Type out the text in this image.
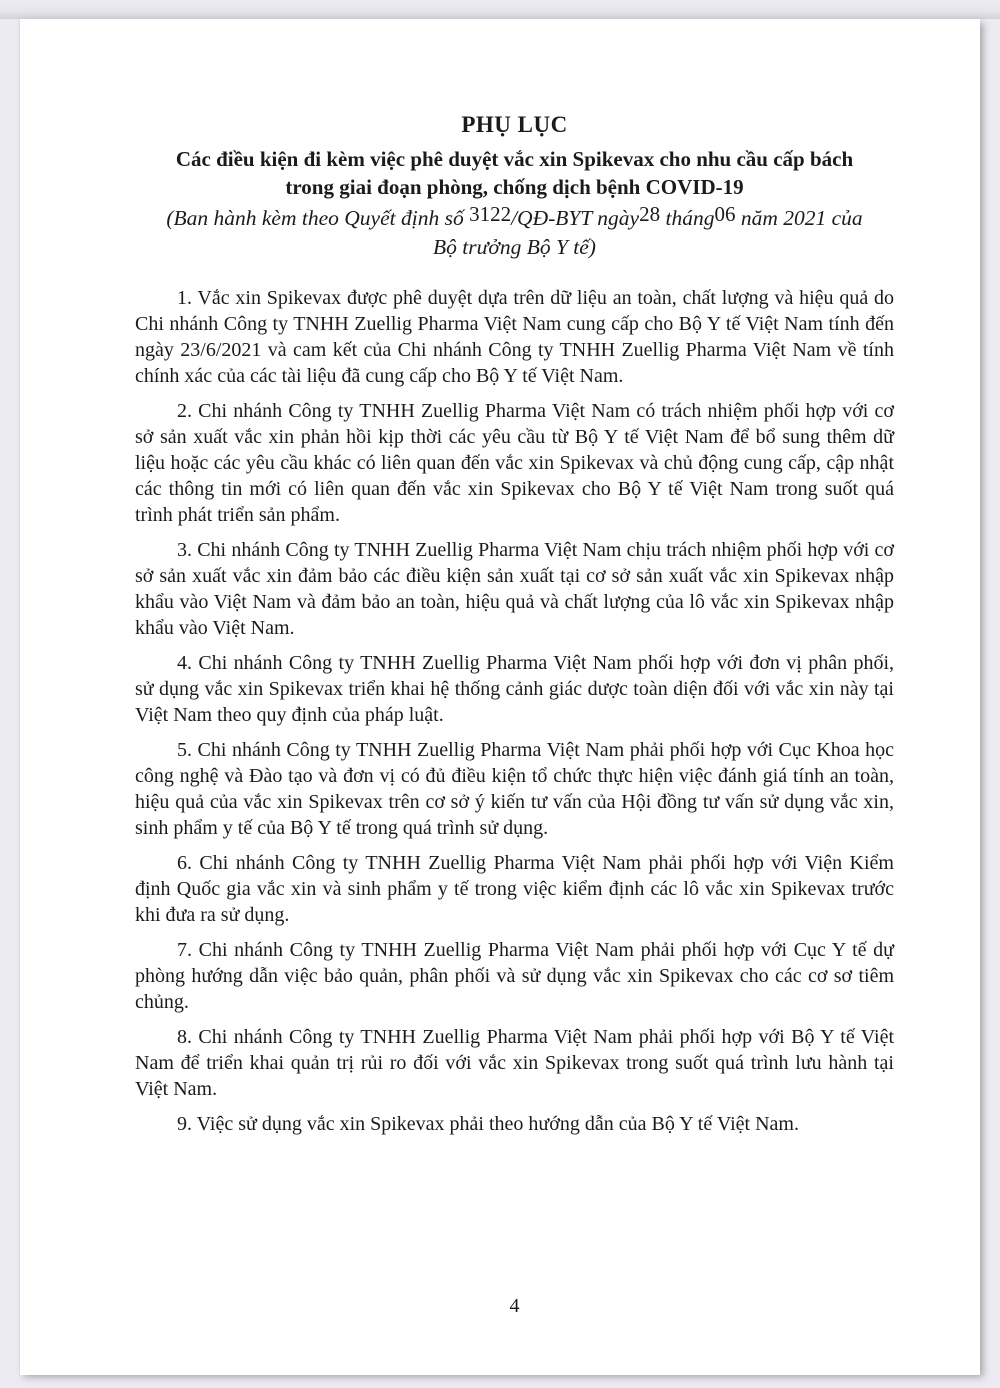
PHỤ LỤC
Các điều kiện đi kèm việc phê duyệt vắc xin Spikevax cho nhu cầu cấp bách
trong giai đoạn phòng, chống dịch bệnh COVID-19
(Ban hành kèm theo Quyết định số 3122/QĐ-BYT ngày28 tháng06 năm 2021 của
Bộ trưởng Bộ Y tế)

1. Vắc xin Spikevax được phê duyệt dựa trên dữ liệu an toàn, chất lượng và hiệu quả do Chi nhánh Công ty TNHH Zuellig Pharma Việt Nam cung cấp cho Bộ Y tế Việt Nam tính đến ngày 23/6/2021 và cam kết của Chi nhánh Công ty TNHH Zuellig Pharma Việt Nam về tính chính xác của các tài liệu đã cung cấp cho Bộ Y tế Việt Nam.

2. Chi nhánh Công ty TNHH Zuellig Pharma Việt Nam có trách nhiệm phối hợp với cơ sở sản xuất vắc xin phản hồi kịp thời các yêu cầu từ Bộ Y tế Việt Nam để bổ sung thêm dữ liệu hoặc các yêu cầu khác có liên quan đến vắc xin Spikevax và chủ động cung cấp, cập nhật các thông tin mới có liên quan đến vắc xin Spikevax cho Bộ Y tế Việt Nam trong suốt quá trình phát triển sản phẩm.

3. Chi nhánh Công ty TNHH Zuellig Pharma Việt Nam chịu trách nhiệm phối hợp với cơ sở sản xuất vắc xin đảm bảo các điều kiện sản xuất tại cơ sở sản xuất vắc xin Spikevax nhập khẩu vào Việt Nam và đảm bảo an toàn, hiệu quả và chất lượng của lô vắc xin Spikevax nhập khẩu vào Việt Nam.

4. Chi nhánh Công ty TNHH Zuellig Pharma Việt Nam phối hợp với đơn vị phân phối, sử dụng vắc xin Spikevax triển khai hệ thống cảnh giác dược toàn diện đối với vắc xin này tại Việt Nam theo quy định của pháp luật.

5. Chi nhánh Công ty TNHH Zuellig Pharma Việt Nam phải phối hợp với Cục Khoa học công nghệ và Đào tạo và đơn vị có đủ điều kiện tổ chức thực hiện việc đánh giá tính an toàn, hiệu quả của vắc xin Spikevax trên cơ sở ý kiến tư vấn của Hội đồng tư vấn sử dụng vắc xin, sinh phẩm y tế của Bộ Y tế trong quá trình sử dụng.

6. Chi nhánh Công ty TNHH Zuellig Pharma Việt Nam phải phối hợp với Viện Kiểm định Quốc gia vắc xin và sinh phẩm y tế trong việc kiểm định các lô vắc xin Spikevax trước khi đưa ra sử dụng.

7. Chi nhánh Công ty TNHH Zuellig Pharma Việt Nam phải phối hợp với Cục Y tế dự phòng hướng dẫn việc bảo quản, phân phối và sử dụng vắc xin Spikevax cho các cơ sơ tiêm chủng.

8. Chi nhánh Công ty TNHH Zuellig Pharma Việt Nam phải phối hợp với Bộ Y tế Việt Nam để triển khai quản trị rủi ro đối với vắc xin Spikevax trong suốt quá trình lưu hành tại Việt Nam.

9. Việc sử dụng vắc xin Spikevax phải theo hướng dẫn của Bộ Y tế Việt Nam.

4
